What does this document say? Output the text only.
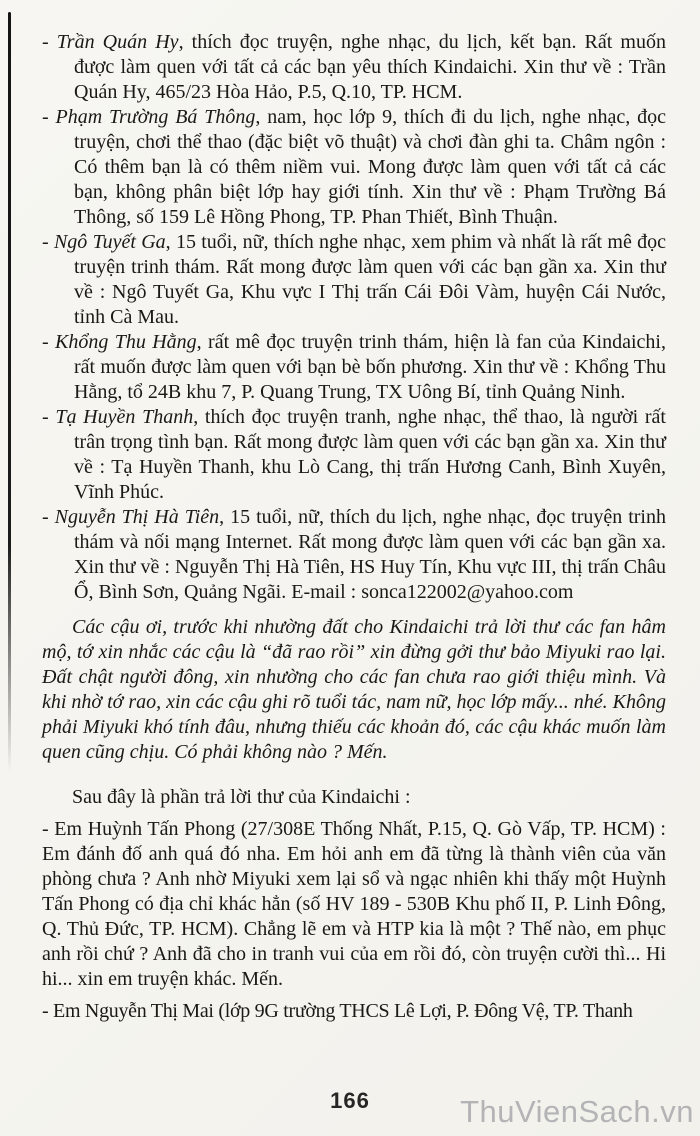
- Trần Quán Hy, thích đọc truyện, nghe nhạc, du lịch, kết bạn. Rất muốn được làm quen với tất cả các bạn yêu thích Kindaichi. Xin thư về : Trần Quán Hy, 465/23 Hòa Hảo, P.5, Q.10, TP. HCM.

- Phạm Trường Bá Thông, nam, học lớp 9, thích đi du lịch, nghe nhạc, đọc truyện, chơi thể thao (đặc biệt võ thuật) và chơi đàn ghi ta. Châm ngôn : Có thêm bạn là có thêm niềm vui. Mong được làm quen với tất cả các bạn, không phân biệt lớp hay giới tính. Xin thư về : Phạm Trường Bá Thông, số 159 Lê Hồng Phong, TP. Phan Thiết, Bình Thuận.

- Ngô Tuyết Ga, 15 tuổi, nữ, thích nghe nhạc, xem phim và nhất là rất mê đọc truyện trinh thám. Rất mong được làm quen với các bạn gần xa. Xin thư về : Ngô Tuyết Ga, Khu vực I Thị trấn Cái Đôi Vàm, huyện Cái Nước, tỉnh Cà Mau.

- Khổng Thu Hằng, rất mê đọc truyện trinh thám, hiện là fan của Kindaichi, rất muốn được làm quen với bạn bè bốn phương. Xin thư về : Khổng Thu Hằng, tổ 24B khu 7, P. Quang Trung, TX Uông Bí, tỉnh Quảng Ninh.

- Tạ Huyền Thanh, thích đọc truyện tranh, nghe nhạc, thể thao, là người rất trân trọng tình bạn. Rất mong được làm quen với các bạn gần xa. Xin thư về : Tạ Huyền Thanh, khu Lò Cang, thị trấn Hương Canh, Bình Xuyên, Vĩnh Phúc.

- Nguyễn Thị Hà Tiên, 15 tuổi, nữ, thích du lịch, nghe nhạc, đọc truyện trinh thám và nối mạng Internet. Rất mong được làm quen với các bạn gần xa. Xin thư về : Nguyễn Thị Hà Tiên, HS Huy Tín, Khu vực III, thị trấn Châu Ổ, Bình Sơn, Quảng Ngãi. E-mail : sonca122002@yahoo.com

Các cậu ơi, trước khi nhường đất cho Kindaichi trả lời thư các fan hâm mộ, tớ xin nhắc các cậu là “đã rao rồi” xin đừng gởi thư bảo Miyuki rao lại. Đất chật người đông, xin nhường cho các fan chưa rao giới thiệu mình. Và khi nhờ tớ rao, xin các cậu ghi rõ tuổi tác, nam nữ, học lớp mấy... nhé. Không phải Miyuki khó tính đâu, nhưng thiếu các khoản đó, các cậu khác muốn làm quen cũng chịu. Có phải không nào ? Mến.

Sau đây là phần trả lời thư của Kindaichi :

- Em Huỳnh Tấn Phong (27/308E Thống Nhất, P.15, Q. Gò Vấp, TP. HCM) : Em đánh đố anh quá đó nha. Em hỏi anh em đã từng là thành viên của văn phòng chưa ? Anh nhờ Miyuki xem lại sổ và ngạc nhiên khi thấy một Huỳnh Tấn Phong có địa chỉ khác hẳn (số HV 189 - 530B Khu phố II, P. Linh Đông, Q. Thủ Đức, TP. HCM). Chẳng lẽ em và HTP kia là một ? Thế nào, em phục anh rồi chứ ? Anh đã cho in tranh vui của em rồi đó, còn truyện cười thì... Hi hi... xin em truyện khác. Mến.

- Em Nguyễn Thị Mai (lớp 9G trường THCS Lê Lợi, P. Đông Vệ, TP. Thanh

166	ThuVienSach.vn
